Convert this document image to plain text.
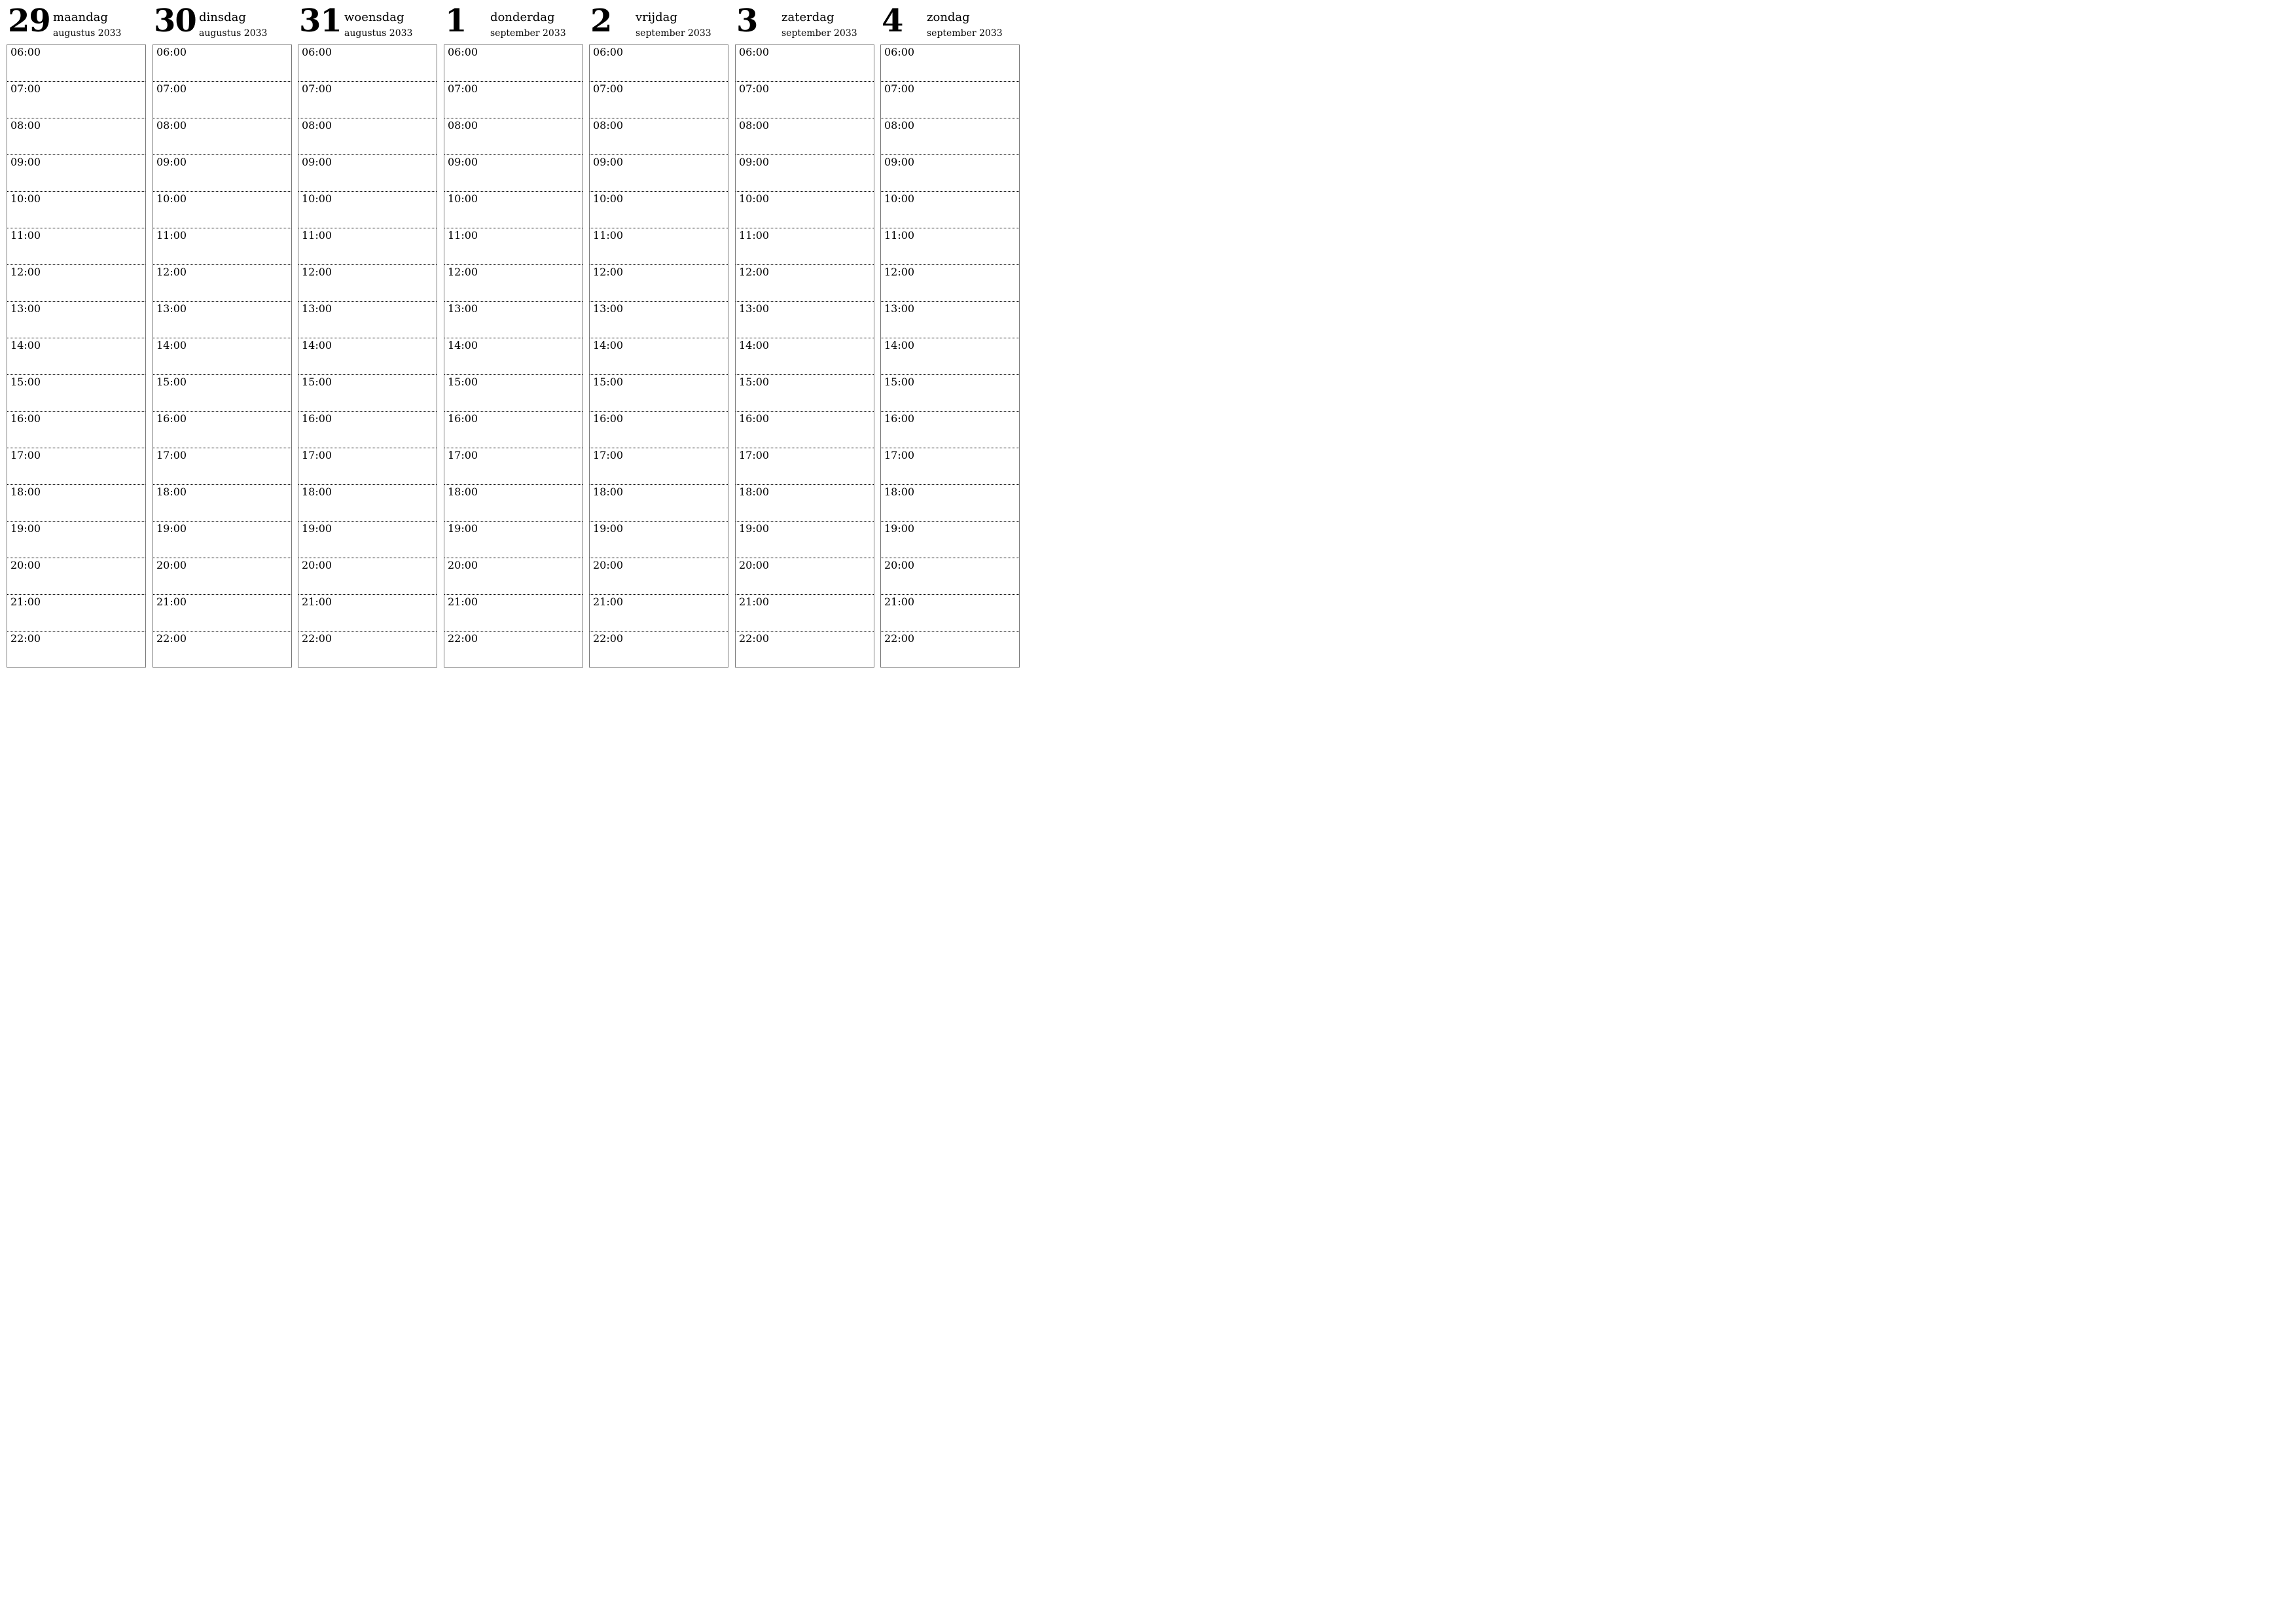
29 maandag
augustus 2033
06:00
07:00
08:00
09:00
10:00
11:00
12:00
13:00
14:00
15:00
16:00
17:00
18:00
19:00
20:00
21:00
22:00
30 dinsdag
augustus 2033
06:00
07:00
08:00
09:00
10:00
11:00
12:00
13:00
14:00
15:00
16:00
17:00
18:00
19:00
20:00
21:00
22:00
31 woensdag
augustus 2033
06:00
07:00
08:00
09:00
10:00
11:00
12:00
13:00
14:00
15:00
16:00
17:00
18:00
19:00
20:00
21:00
22:00
1 donderdag
september 2033
06:00
07:00
08:00
09:00
10:00
11:00
12:00
13:00
14:00
15:00
16:00
17:00
18:00
19:00
20:00
21:00
22:00
2 vrijdag
september 2033
06:00
07:00
08:00
09:00
10:00
11:00
12:00
13:00
14:00
15:00
16:00
17:00
18:00
19:00
20:00
21:00
22:00
3 zaterdag
september 2033
06:00
07:00
08:00
09:00
10:00
11:00
12:00
13:00
14:00
15:00
16:00
17:00
18:00
19:00
20:00
21:00
22:00
4 zondag
september 2033
06:00
07:00
08:00
09:00
10:00
11:00
12:00
13:00
14:00
15:00
16:00
17:00
18:00
19:00
20:00
21:00
22:00
